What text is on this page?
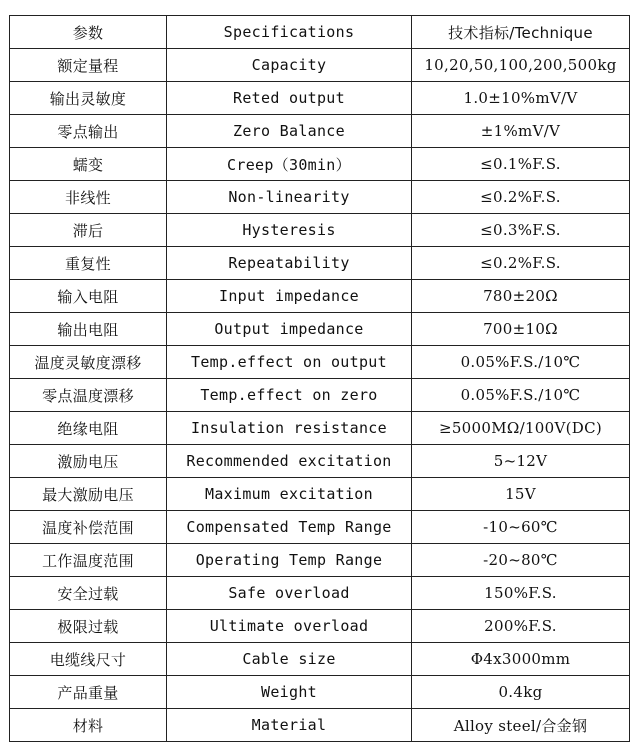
参数	Specifications	技术指标/Technique
额定量程	Capacity	10,20,50,100,200,500kg
输出灵敏度	Reted output	1.0±10%mV/V
零点输出	Zero Balance	±1%mV/V
蠕变	Creep（30min）	≤0.1%F.S.
非线性	Non-linearity	≤0.2%F.S.
滞后	Hysteresis	≤0.3%F.S.
重复性	Repeatability	≤0.2%F.S.
输入电阻	Input impedance	780±20Ω
输出电阻	Output impedance	700±10Ω
温度灵敏度漂移	Temp.effect on output	0.05%F.S./10℃
零点温度漂移	Temp.effect on zero	0.05%F.S./10℃
绝缘电阻	Insulation resistance	≥5000MΩ/100V(DC)
激励电压	Recommended excitation	5~12V
最大激励电压	Maximum excitation	15V
温度补偿范围	Compensated Temp Range	-10~60℃
工作温度范围	Operating Temp Range	-20~80℃
安全过载	Safe overload	150%F.S.
极限过载	Ultimate overload	200%F.S.
电缆线尺寸	Cable size	Φ4x3000mm
产品重量	Weight	0.4kg
材料	Material	Alloy steel/合金钢
